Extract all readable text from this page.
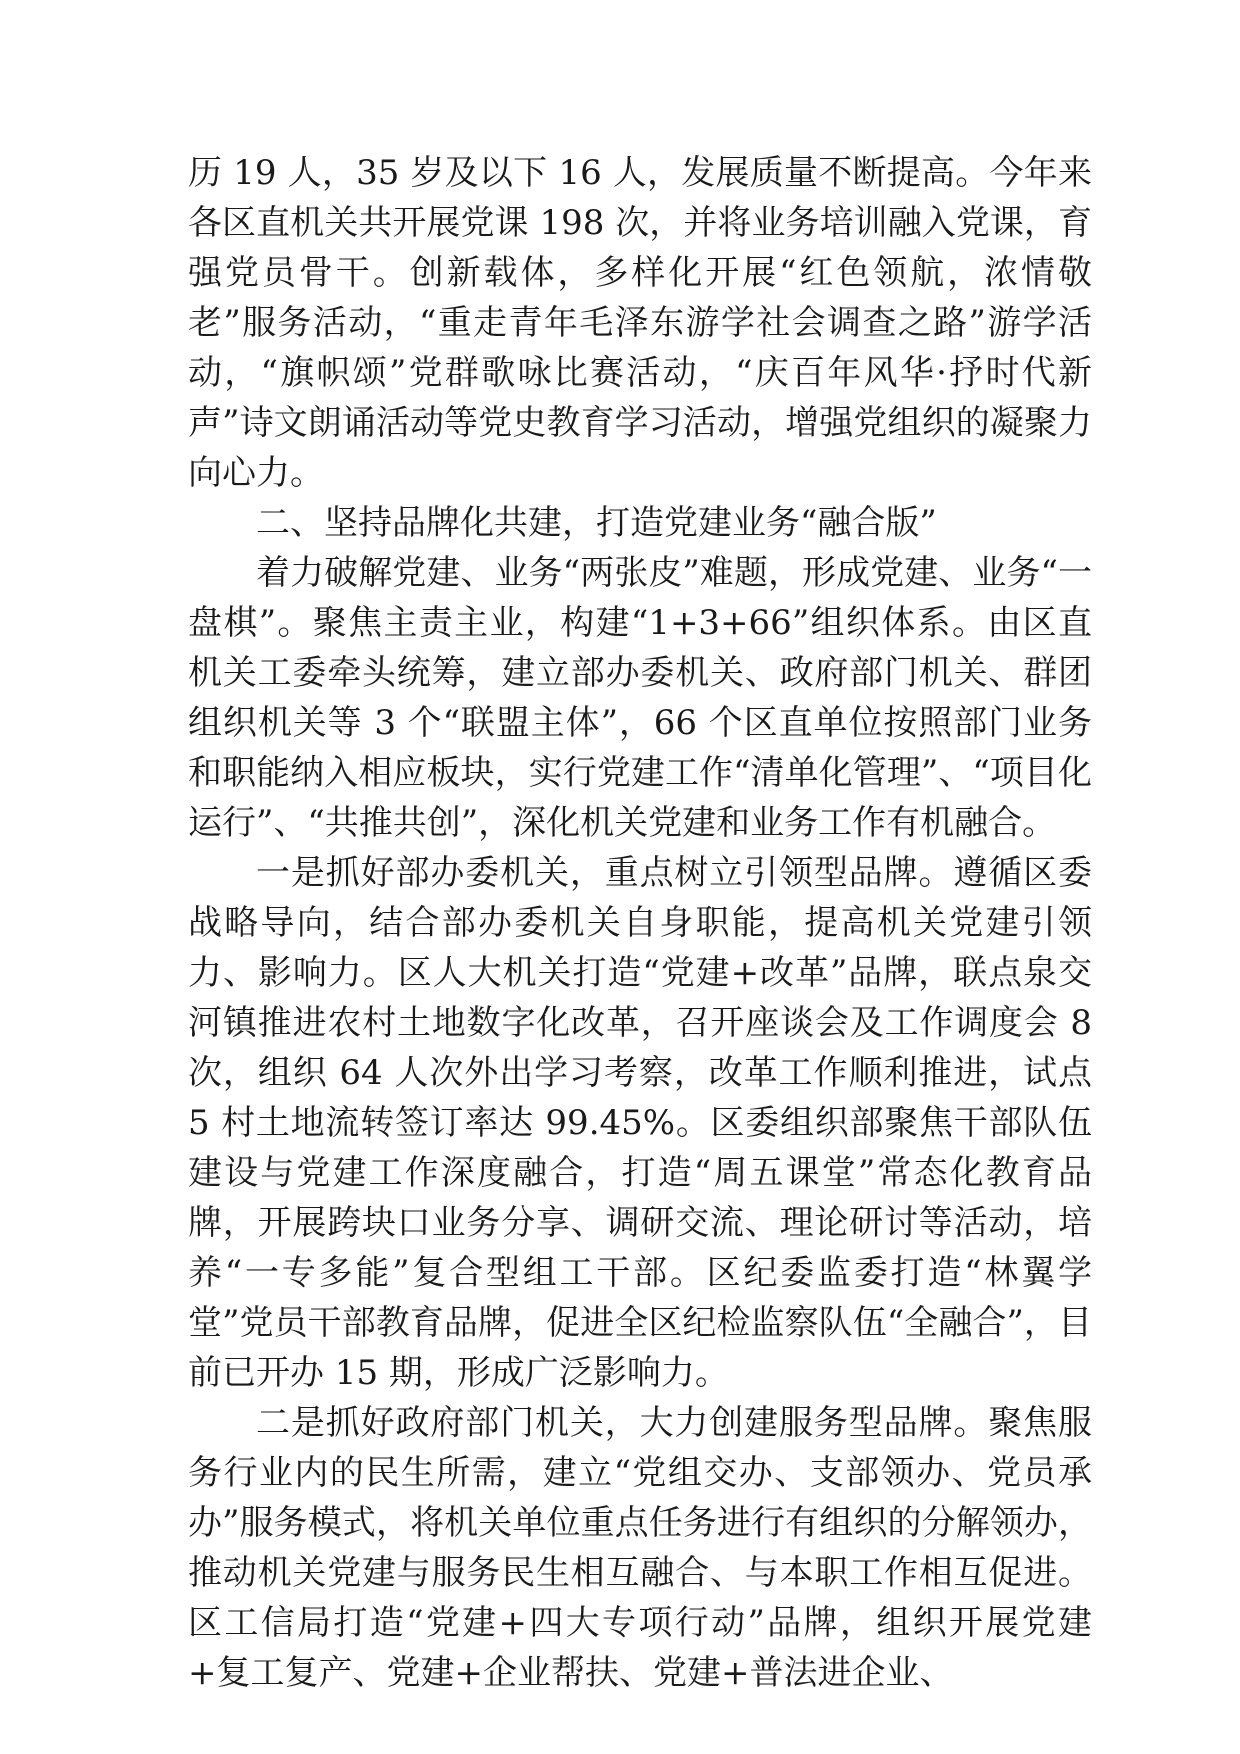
历 19 人，35 岁及以下 16 人，发展质量不断提高。今年来各区直机关共开展党课 198 次，并将业务培训融入党课，育强党员骨干。创新载体，多样化开展“红色领航，浓情敬老”服务活动，“重走青年毛泽东游学社会调查之路”游学活动，“旗帜颂”党群歌咏比赛活动，“庆百年风华·抒时代新声”诗文朗诵活动等党史教育学习活动，增强党组织的凝聚力向心力。

二、坚持品牌化共建，打造党建业务“融合版”

着力破解党建、业务“两张皮”难题，形成党建、业务“一盘棋”。聚焦主责主业，构建“1+3+66”组织体系。由区直机关工委牵头统筹，建立部办委机关、政府部门机关、群团组织机关等 3 个“联盟主体”，66 个区直单位按照部门业务和职能纳入相应板块，实行党建工作“清单化管理”、“项目化运行”、“共推共创”，深化机关党建和业务工作有机融合。

一是抓好部办委机关，重点树立引领型品牌。遵循区委战略导向，结合部办委机关自身职能，提高机关党建引领力、影响力。区人大机关打造“党建+改革”品牌，联点泉交河镇推进农村土地数字化改革，召开座谈会及工作调度会 8 次，组织 64 人次外出学习考察，改革工作顺利推进，试点 5 村土地流转签订率达 99.45%。区委组织部聚焦干部队伍建设与党建工作深度融合，打造“周五课堂”常态化教育品牌，开展跨块口业务分享、调研交流、理论研讨等活动，培养“一专多能”复合型组工干部。区纪委监委打造“林翼学堂”党员干部教育品牌，促进全区纪检监察队伍“全融合”，目前已开办 15 期，形成广泛影响力。

二是抓好政府部门机关，大力创建服务型品牌。聚焦服务行业内的民生所需，建立“党组交办、支部领办、党员承办”服务模式，将机关单位重点任务进行有组织的分解领办，推动机关党建与服务民生相互融合、与本职工作相互促进。区工信局打造“党建+四大专项行动”品牌，组织开展党建+复工复产、党建+企业帮扶、党建+普法进企业、
